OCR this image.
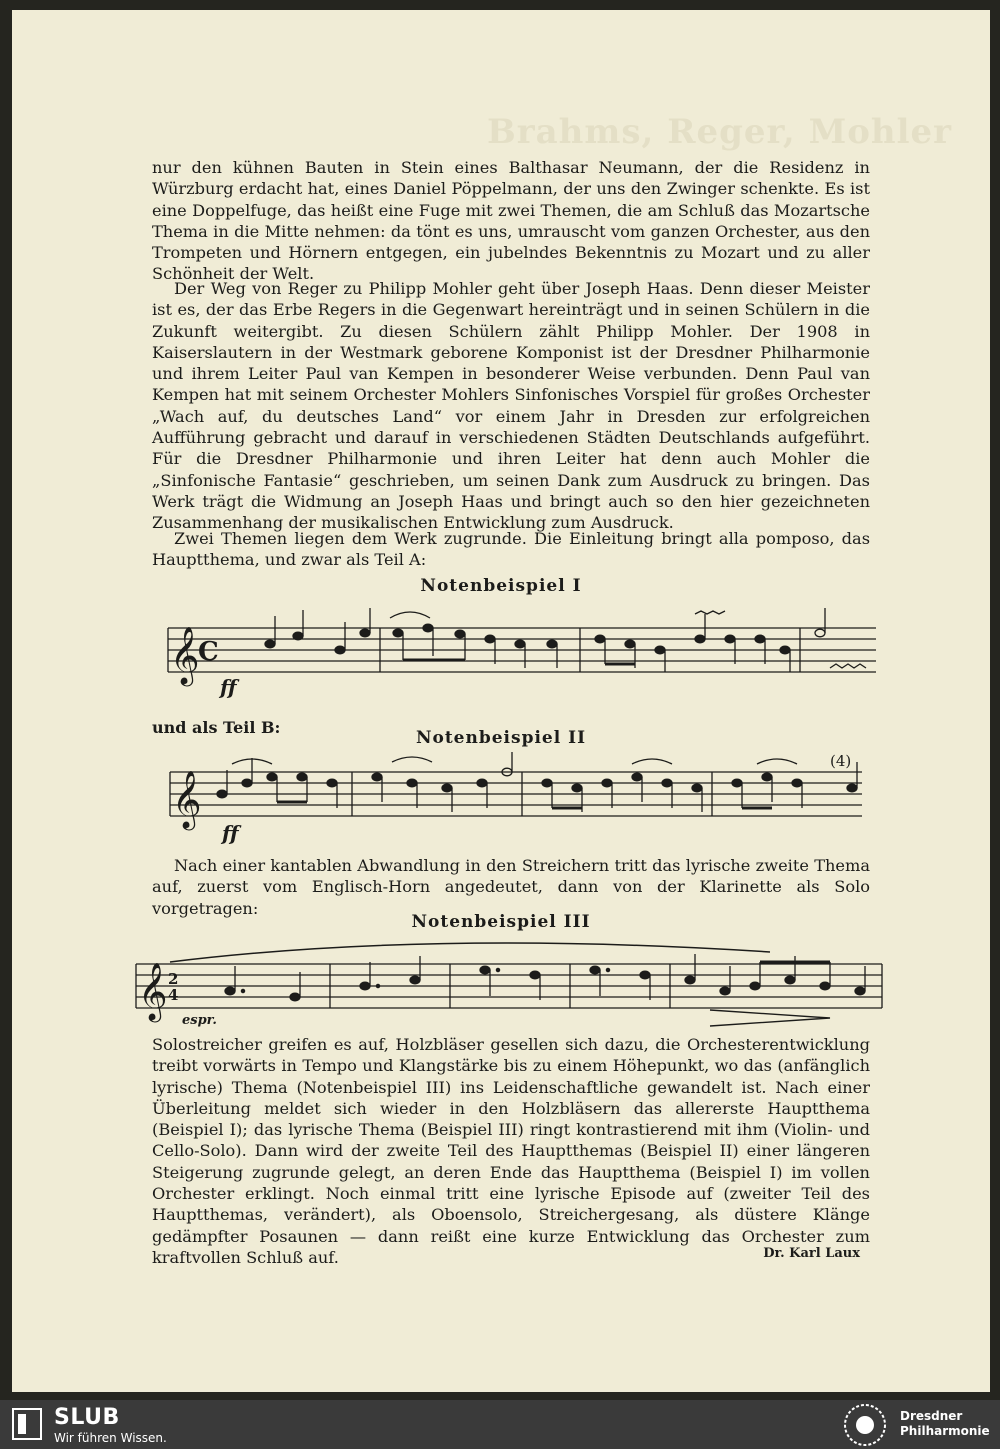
Brahms, Reger, Mohler

nur den kühnen Bauten in Stein eines Balthasar Neumann, der die Residenz in Würzburg erdacht hat, eines Daniel Pöppelmann, der uns den Zwinger schenkte. Es ist eine Doppelfuge, das heißt eine Fuge mit zwei Themen, die am Schluß das Mozartsche Thema in die Mitte nehmen: da tönt es uns, umrauscht vom ganzen Orchester, aus den Trompeten und Hörnern entgegen, ein jubelndes Bekenntnis zu Mozart und zu aller Schönheit der Welt.

Der Weg von Reger zu Philipp Mohler geht über Joseph Haas. Denn dieser Meister ist es, der das Erbe Regers in die Gegenwart hereinträgt und in seinen Schülern in die Zukunft weitergibt. Zu diesen Schülern zählt Philipp Mohler. Der 1908 in Kaiserslautern in der Westmark geborene Komponist ist der Dresdner Philharmonie und ihrem Leiter Paul van Kempen in besonderer Weise verbunden. Denn Paul van Kempen hat mit seinem Orchester Mohlers Sinfonisches Vorspiel für großes Orchester „Wach auf, du deutsches Land“ vor einem Jahr in Dresden zur erfolgreichen Aufführung gebracht und darauf in verschiedenen Städten Deutschlands aufgeführt. Für die Dresdner Philharmonie und ihren Leiter hat denn auch Mohler die „Sinfonische Fantasie“ geschrieben, um seinen Dank zum Ausdruck zu bringen. Das Werk trägt die Widmung an Joseph Haas und bringt auch so den hier gezeichneten Zusammenhang der musikalischen Entwicklung zum Ausdruck.

Zwei Themen liegen dem Werk zugrunde. Die Einleitung bringt alla pomposo, das Hauptthema, und zwar als Teil A:

Notenbeispiel I
𝄞
C
ff
und als Teil B:
Notenbeispiel II
𝄞
ff
(4)

Nach einer kantablen Abwandlung in den Streichern tritt das lyrische zweite Thema auf, zuerst vom Englisch-Horn angedeutet, dann von der Klarinette als Solo vorgetragen:

Notenbeispiel III
𝄞 2
4
espr.

Solostreicher greifen es auf, Holzbläser gesellen sich dazu, die Orchesterentwicklung treibt vorwärts in Tempo und Klangstärke bis zu einem Höhepunkt, wo das (anfänglich lyrische) Thema (Notenbeispiel III) ins Leidenschaftliche gewandelt ist. Nach einer Überleitung meldet sich wieder in den Holzbläsern das allererste Hauptthema (Beispiel I); das lyrische Thema (Beispiel III) ringt kontrastierend mit ihm (Violin- und Cello-Solo). Dann wird der zweite Teil des Hauptthemas (Beispiel II) einer längeren Steigerung zugrunde gelegt, an deren Ende das Hauptthema (Beispiel I) im vollen Orchester erklingt. Noch einmal tritt eine lyrische Episode auf (zweiter Teil des Hauptthemas, verändert), als Oboensolo, Streichergesang, als düstere Klänge gedämpfter Posaunen — dann reißt eine kurze Entwicklung das Orchester zum kraftvollen Schluß auf.	Dr. Karl Laux
SLUB
Wir führen Wissen.
Dresdner
Philharmonie
